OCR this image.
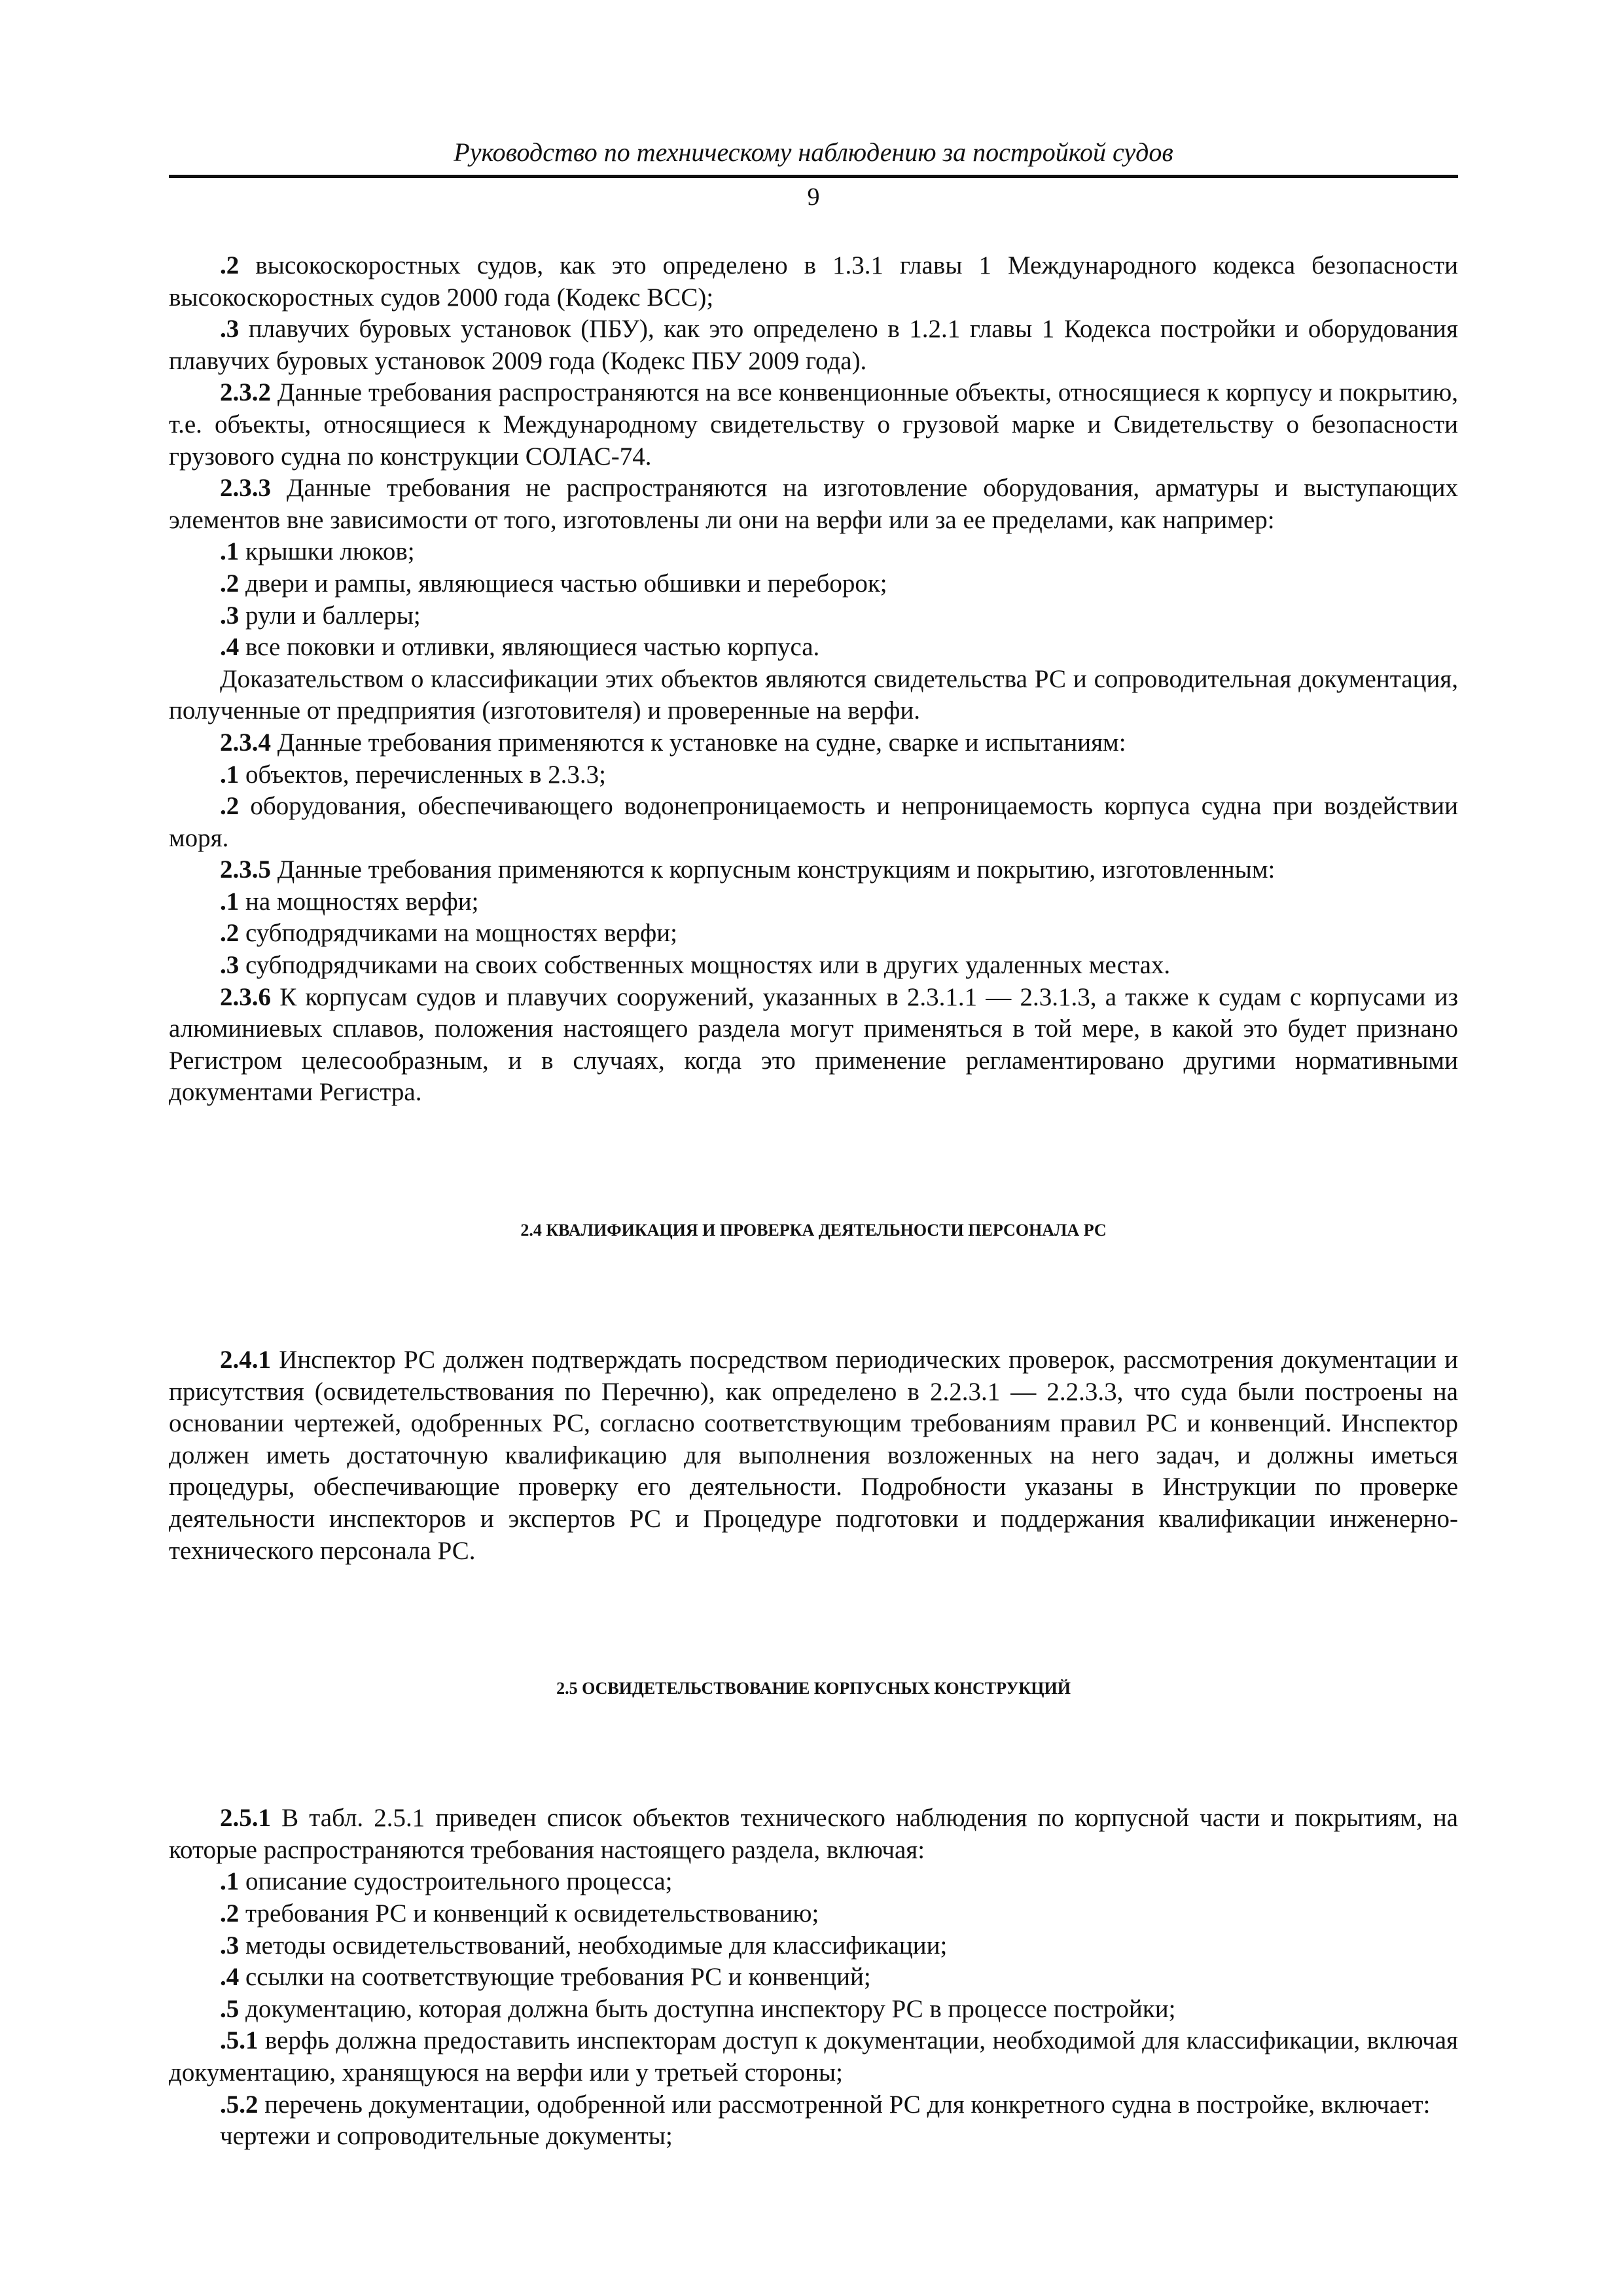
Руководство по техническому наблюдению за постройкой судов
9

.2 высокоскоростных судов, как это определено в 1.3.1 главы 1 Международного кодекса безопасности высокоскоростных судов 2000 года (Кодекс ВСС);

.3 плавучих буровых установок (ПБУ), как это определено в 1.2.1 главы 1 Кодекса постройки и оборудования плавучих буровых установок 2009 года (Кодекс ПБУ 2009 года).

2.3.2 Данные требования распространяются на все конвенционные объекты, относящиеся к корпусу и покрытию, т.е. объекты, относящиеся к Международному свидетельству о грузовой марке и Свидетельству о безопасности грузового судна по конструкции СОЛАС-74.

2.3.3 Данные требования не распространяются на изготовление оборудования, арматуры и выступающих элементов вне зависимости от того, изготовлены ли они на верфи или за ее пределами, как например:

.1 крышки люков;

.2 двери и рампы, являющиеся частью обшивки и переборок;

.3 рули и баллеры;

.4 все поковки и отливки, являющиеся частью корпуса.

Доказательством о классификации этих объектов являются свидетельства РС и сопроводительная документация, полученные от предприятия (изготовителя) и проверенные на верфи.

2.3.4 Данные требования применяются к установке на судне, сварке и испытаниям:

.1 объектов, перечисленных в 2.3.3;

.2 оборудования, обеспечивающего водонепроницаемость и непроницаемость корпуса судна при воздействии моря.

2.3.5 Данные требования применяются к корпусным конструкциям и покрытию, изготовленным:

.1 на мощностях верфи;

.2 субподрядчиками на мощностях верфи;

.3 субподрядчиками на своих собственных мощностях или в других удаленных местах.

2.3.6 К корпусам судов и плавучих сооружений, указанных в 2.3.1.1 — 2.3.1.3, а также к судам с корпусами из алюминиевых сплавов, положения настоящего раздела могут применяться в той мере, в какой это будет признано Регистром целесообразным, и в случаях, когда это применение регламентировано другими нормативными документами Регистра.

2.4 КВАЛИФИКАЦИЯ И ПРОВЕРКА ДЕЯТЕЛЬНОСТИ ПЕРСОНАЛА РС

2.4.1 Инспектор РС должен подтверждать посредством периодических проверок, рассмотрения документации и присутствия (освидетельствования по Перечню), как определено в 2.2.3.1 — 2.2.3.3, что суда были построены на основании чертежей, одобренных РС, согласно соответствующим требованиям правил РС и конвенций. Инспектор должен иметь достаточную квалификацию для выполнения возложенных на него задач, и должны иметься процедуры, обеспечивающие проверку его деятельности. Подробности указаны в Инструкции по проверке деятельности инспекторов и экспертов РС и Процедуре подготовки и поддержания квалификации инженерно-технического персонала РС.

2.5 ОСВИДЕТЕЛЬСТВОВАНИЕ КОРПУСНЫХ КОНСТРУКЦИЙ

2.5.1 В табл. 2.5.1 приведен список объектов технического наблюдения по корпусной части и покрытиям, на которые распространяются требования настоящего раздела, включая:

.1 описание судостроительного процесса;

.2 требования РС и конвенций к освидетельствованию;

.3 методы освидетельствований, необходимые для классификации;

.4 ссылки на соответствующие требования РС и конвенций;

.5 документацию, которая должна быть доступна инспектору РС в процессе постройки;

.5.1 верфь должна предоставить инспекторам доступ к документации, необходимой для классификации, включая документацию, хранящуюся на верфи или у третьей стороны;

.5.2 перечень документации, одобренной или рассмотренной РС для конкретного судна в постройке, включает:

чертежи и сопроводительные документы;
